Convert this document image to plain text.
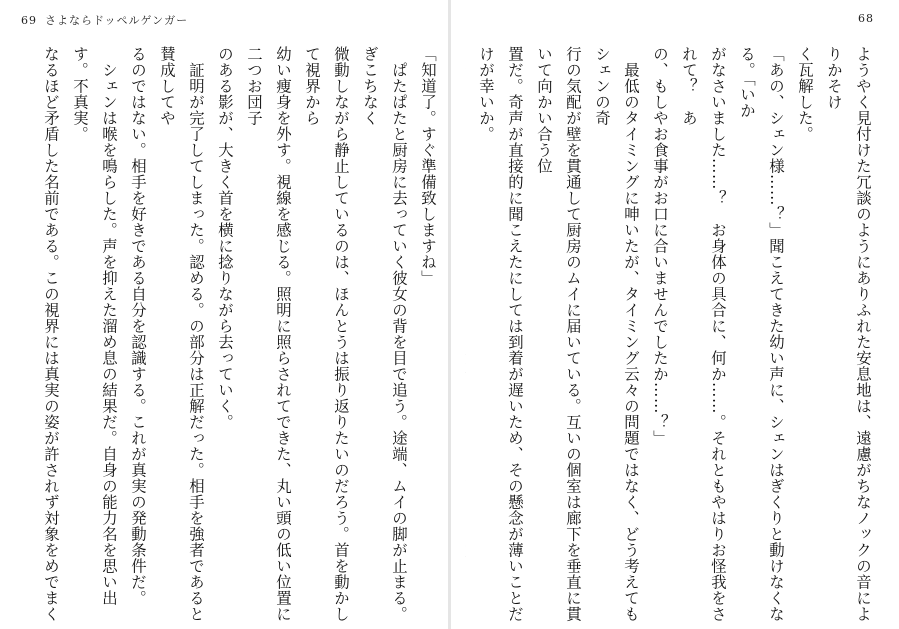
69 さよならドッペルゲンガー
「知道了。すぐ準備致しますね」
　ぱたぱたと厨房に去っていく彼女の背を目で追う。途端、ムイの脚が止まる。ぎこちなく
微動しながら静止しているのは、ほんとうは振り返りたいのだろう。首を動かして視界から
幼い痩身を外す。視線を感じる。照明に照らされてできた、丸い頭の低い位置に二つお団子
のある影が、大きく首を横に捻りながら去っていく。
　証明が完了してしまった。認める。の部分は正解だった。相手を強者であると賛成してや
るのではない。相手を好きである自分を認識する。これが真実の発動条件だ。
　シェンは喉を鳴らした。声を抑えた溜め息の結果だ。自身の能力名を思い出す。不真実。
なるほど矛盾した名前である。この視界には真実の姿が許されず対象をめでまく
68
ようやく見付けた冗談のようにありふれた安息地は、遠慮がちなノックの音によりかそけ
く瓦解した。
「あの、シェン様……？」聞こえてきた幼い声に、シェンはぎくりと動けなくなる。「いか
がなさいました……？　お身体の具合に、何か……。それともやはりお怪我をされて？　あ
の、もしやお食事がお口に合いませんでしたか……？」
　最低のタイミングに呻いたが、タイミング云々の問題ではなく、どう考えてもシェンの奇
行の気配が壁を貫通して厨房のムイに届いている。互いの個室は廊下を垂直に貫いて向かい合う位
置だ。奇声が直接的に聞こえたにしては到着が遅いため、その懸念が薄いことだけが幸いか。
